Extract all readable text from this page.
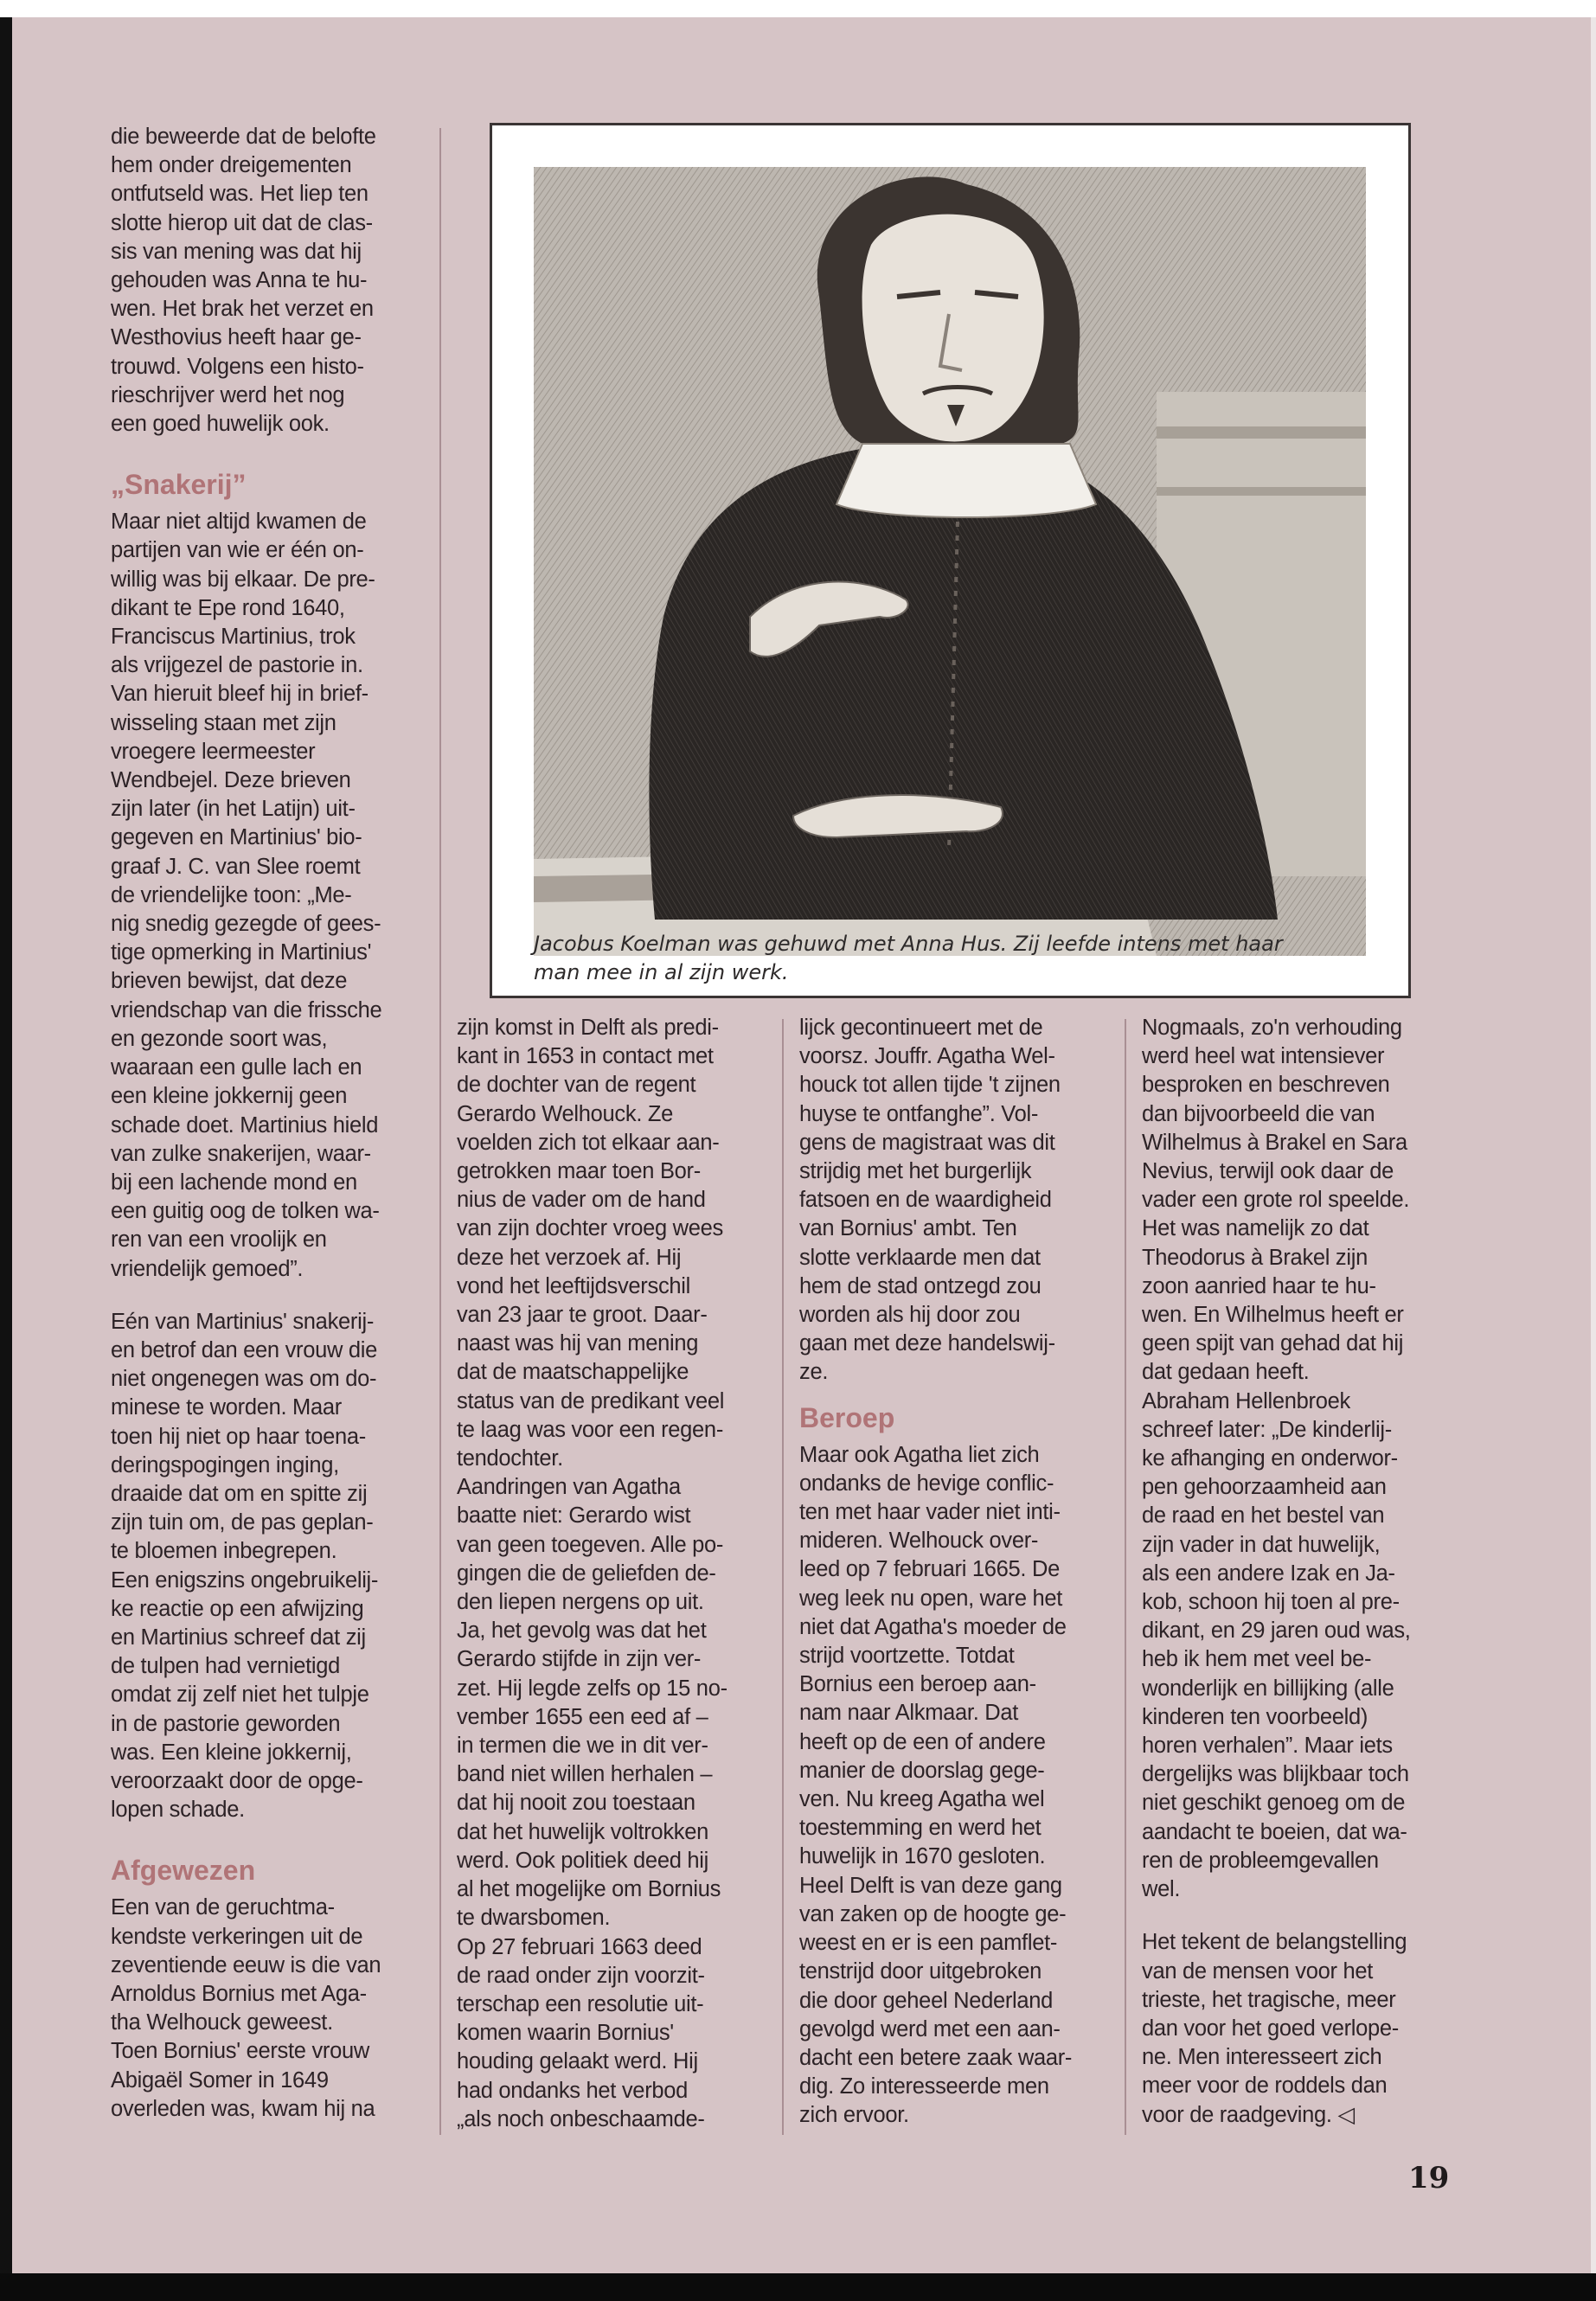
die beweerde dat de belofte
hem onder dreigementen
ontfutseld was. Het liep ten
slotte hierop uit dat de clas-
sis van mening was dat hij
gehouden was Anna te hu-
wen. Het brak het verzet en
Westhovius heeft haar ge-
trouwd. Volgens een histo-
rieschrijver werd het nog
een goed huwelijk ook.

„Snakerij”

Maar niet altijd kwamen de
partijen van wie er één on-
willig was bij elkaar. De pre-
dikant te Epe rond 1640,
Franciscus Martinius, trok
als vrijgezel de pastorie in.
Van hieruit bleef hij in brief-
wisseling staan met zijn
vroegere leermeester
Wendbejel. Deze brieven
zijn later (in het Latijn) uit-
gegeven en Martinius' bio-
graaf J. C. van Slee roemt
de vriendelijke toon: „Me-
nig snedig gezegde of gees-
tige opmerking in Martinius'
brieven bewijst, dat deze
vriendschap van die frissche
en gezonde soort was,
waaraan een gulle lach en
een kleine jokkernij geen
schade doet. Martinius hield
van zulke snakerijen, waar-
bij een lachende mond en
een guitig oog de tolken wa-
ren van een vroolijk en
vriendelijk gemoed”.

Eén van Martinius' snakerij-
en betrof dan een vrouw die
niet ongenegen was om do-
minese te worden. Maar
toen hij niet op haar toena-
deringspogingen inging,
draaide dat om en spitte zij
zijn tuin om, de pas geplan-
te bloemen inbegrepen.
Een enigszins ongebruikelij-
ke reactie op een afwijzing
en Martinius schreef dat zij
de tulpen had vernietigd
omdat zij zelf niet het tulpje
in de pastorie geworden
was. Een kleine jokkernij,
veroorzaakt door de opge-
lopen schade.

Afgewezen

Een van de geruchtma-
kendste verkeringen uit de
zeventiende eeuw is die van
Arnoldus Bornius met Aga-
tha Welhouck geweest.
Toen Bornius' eerste vrouw
Abigaël Somer in 1649
overleden was, kwam hij na

Jacobus Koelman was gehuwd met Anna Hus. Zij leefde intens met haar
man mee in al zijn werk.

zijn komst in Delft als predi-
kant in 1653 in contact met
de dochter van de regent
Gerardo Welhouck. Ze
voelden zich tot elkaar aan-
getrokken maar toen Bor-
nius de vader om de hand
van zijn dochter vroeg wees
deze het verzoek af. Hij
vond het leeftijdsverschil
van 23 jaar te groot. Daar-
naast was hij van mening
dat de maatschappelijke
status van de predikant veel
te laag was voor een regen-
tendochter.
Aandringen van Agatha
baatte niet: Gerardo wist
van geen toegeven. Alle po-
gingen die de geliefden de-
den liepen nergens op uit.
Ja, het gevolg was dat het
Gerardo stijfde in zijn ver-
zet. Hij legde zelfs op 15 no-
vember 1655 een eed af –
in termen die we in dit ver-
band niet willen herhalen –
dat hij nooit zou toestaan
dat het huwelijk voltrokken
werd. Ook politiek deed hij
al het mogelijke om Bornius
te dwarsbomen.
Op 27 februari 1663 deed
de raad onder zijn voorzit-
terschap een resolutie uit-
komen waarin Bornius'
houding gelaakt werd. Hij
had ondanks het verbod
„als noch onbeschaamde-

lijck gecontinueert met de
voorsz. Jouffr. Agatha Wel-
houck tot allen tijde 't zijnen
huyse te ontfanghe”. Vol-
gens de magistraat was dit
strijdig met het burgerlijk
fatsoen en de waardigheid
van Bornius' ambt. Ten
slotte verklaarde men dat
hem de stad ontzegd zou
worden als hij door zou
gaan met deze handelswij-
ze.

Beroep

Maar ook Agatha liet zich
ondanks de hevige conflic-
ten met haar vader niet inti-
mideren. Welhouck over-
leed op 7 februari 1665. De
weg leek nu open, ware het
niet dat Agatha's moeder de
strijd voortzette. Totdat
Bornius een beroep aan-
nam naar Alkmaar. Dat
heeft op de een of andere
manier de doorslag gege-
ven. Nu kreeg Agatha wel
toestemming en werd het
huwelijk in 1670 gesloten.
Heel Delft is van deze gang
van zaken op de hoogte ge-
weest en er is een pamflet-
tenstrijd door uitgebroken
die door geheel Nederland
gevolgd werd met een aan-
dacht een betere zaak waar-
dig. Zo interesseerde men
zich ervoor.

Nogmaals, zo'n verhouding
werd heel wat intensiever
besproken en beschreven
dan bijvoorbeeld die van
Wilhelmus à Brakel en Sara
Nevius, terwijl ook daar de
vader een grote rol speelde.
Het was namelijk zo dat
Theodorus à Brakel zijn
zoon aanried haar te hu-
wen. En Wilhelmus heeft er
geen spijt van gehad dat hij
dat gedaan heeft.
Abraham Hellenbroek
schreef later: „De kinderlij-
ke afhanging en onderwor-
pen gehoorzaamheid aan
de raad en het bestel van
zijn vader in dat huwelijk,
als een andere Izak en Ja-
kob, schoon hij toen al pre-
dikant, en 29 jaren oud was,
heb ik hem met veel be-
wonderlijk en billijking (alle
kinderen ten voorbeeld)
horen verhalen”. Maar iets
dergelijks was blijkbaar toch
niet geschikt genoeg om de
aandacht te boeien, dat wa-
ren de probleemgevallen
wel.

Het tekent de belangstelling
van de mensen voor het
trieste, het tragische, meer
dan voor het goed verlope-
ne. Men interesseert zich
meer voor de roddels dan
voor de raadgeving. ◁

19
